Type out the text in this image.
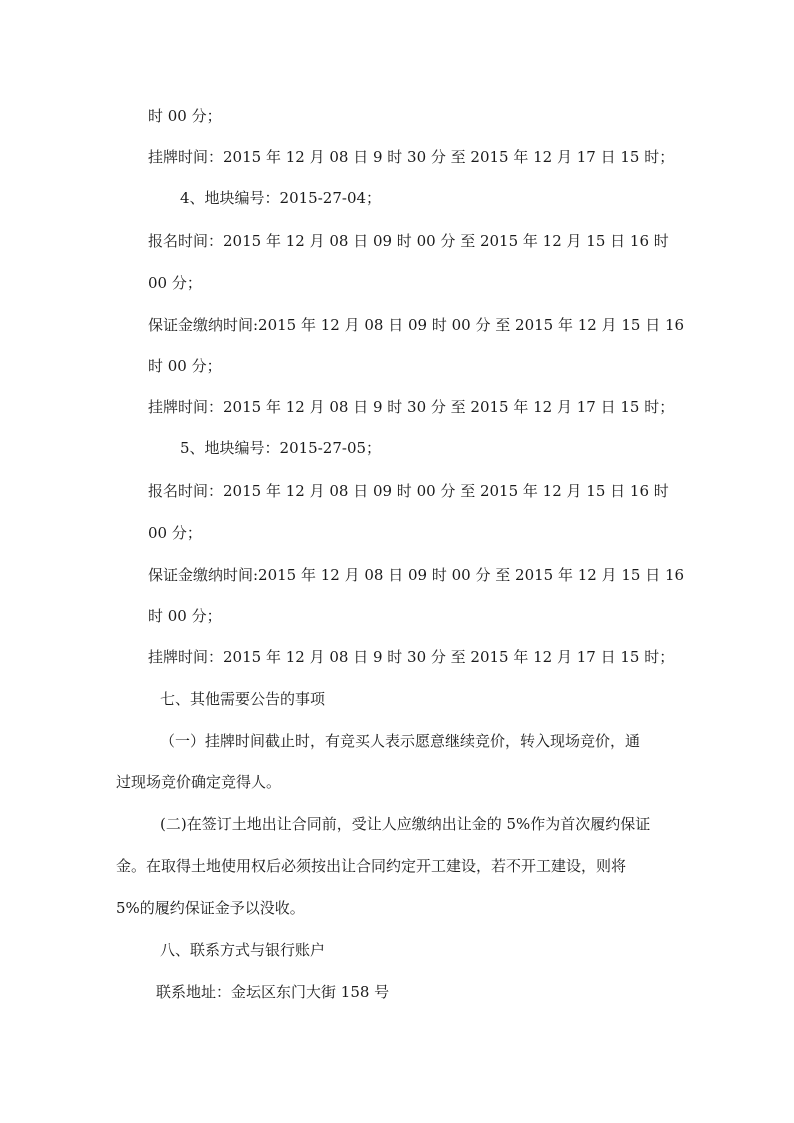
时 00 分；
挂牌时间：2015 年 12 月 08 日 9 时 30 分 至 2015 年 12 月 17 日 15 时；
4、地块编号：2015-27-04；
报名时间：2015 年 12 月 08 日 09 时 00 分 至 2015 年 12 月 15 日 16 时
00 分；
保证金缴纳时间:2015 年 12 月 08 日 09 时 00 分 至 2015 年 12 月 15 日 16
时 00 分；
挂牌时间：2015 年 12 月 08 日 9 时 30 分 至 2015 年 12 月 17 日 15 时；
5、地块编号：2015-27-05；
报名时间：2015 年 12 月 08 日 09 时 00 分 至 2015 年 12 月 15 日 16 时
00 分；
保证金缴纳时间:2015 年 12 月 08 日 09 时 00 分 至 2015 年 12 月 15 日 16
时 00 分；
挂牌时间：2015 年 12 月 08 日 9 时 30 分 至 2015 年 12 月 17 日 15 时；
七、其他需要公告的事项
（一）挂牌时间截止时，有竞买人表示愿意继续竞价，转入现场竞价，通
过现场竞价确定竞得人。
(二)在签订土地出让合同前，受让人应缴纳出让金的 5%作为首次履约保证
金。在取得土地使用权后必须按出让合同约定开工建设，若不开工建设，则将
5%的履约保证金予以没收。
八、联系方式与银行账户
联系地址：金坛区东门大街 158 号
